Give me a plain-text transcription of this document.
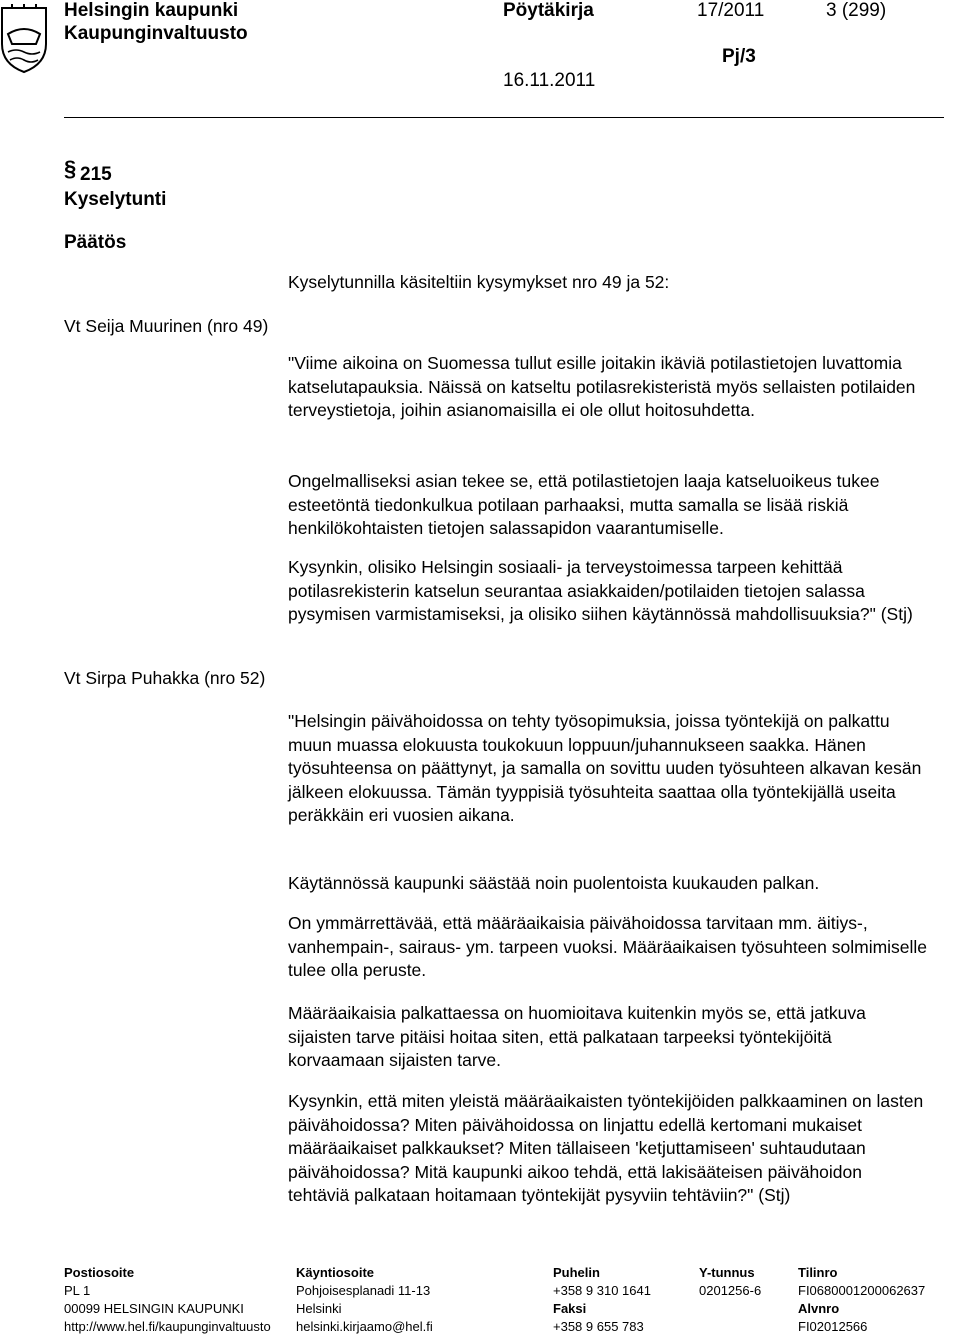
Helsingin kaupunki
Kaupunginvaltuusto
Pöytäkirja	17/2011	3 (299)
Pj/3
16.11.2011
§ 215
Kyselytunti
Päätös
Kyselytunnilla käsiteltiin kysymykset nro 49 ja 52:
Vt Seija Muurinen (nro 49)
Vt Sirpa Puhakka (nro 52)

"Viime aikoina on Suomessa tullut esille joitakin ikäviä potilastietojen luvattomia katselutapauksia. Näissä on katseltu potilasrekisteristä myös sellaisten potilaiden terveystietoja, joihin asianomaisilla ei ole ollut hoitosuhdetta.

Ongelmalliseksi asian tekee se, että potilastietojen laaja katseluoikeus tukee esteetöntä tiedonkulkua potilaan parhaaksi, mutta samalla se lisää riskiä henkilökohtaisten tietojen salassapidon vaarantumiselle.

Kysynkin, olisiko Helsingin sosiaali- ja terveystoimessa tarpeen kehittää potilasrekisterin katselun seurantaa asiakkaiden/potilaiden tietojen salassa pysymisen varmistamiseksi, ja olisiko siihen käytännössä mahdollisuuksia?" (Stj)

"Helsingin päivähoidossa on tehty työsopimuksia, joissa työntekijä on palkattu muun muassa elokuusta toukokuun loppuun/juhannukseen saakka. Hänen työsuhteensa on päättynyt, ja samalla on sovittu uuden työsuhteen alkavan kesän jälkeen elokuussa. Tämän tyyppisiä työsuhteita saattaa olla työntekijällä useita peräkkäin eri vuosien aikana.

Käytännössä kaupunki säästää noin puolentoista kuukauden palkan.

On ymmärrettävää, että määräaikaisia päivähoidossa tarvitaan mm. äitiys-, vanhempain-, sairaus- ym. tarpeen vuoksi. Määräaikaisen työsuhteen solmimiselle tulee olla peruste.

Määräaikaisia palkattaessa on huomioitava kuitenkin myös se, että jatkuva sijaisten tarve pitäisi hoitaa siten, että palkataan tarpeeksi työntekijöitä korvaamaan sijaisten tarve.

Kysynkin, että miten yleistä määräaikaisten työntekijöiden palkkaaminen on lasten päivähoidossa? Miten päivähoidossa on linjattu edellä kertomani mukaiset määräaikaiset palkkaukset? Miten tällaiseen 'ketjuttamiseen' suhtaudutaan päivähoidossa? Mitä kaupunki aikoo tehdä, että lakisääteisen päivähoidon tehtäviä palkataan hoitamaan työntekijät pysyviin tehtäviin?" (Stj)

Postiosoite
PL 1
00099 HELSINGIN KAUPUNKI
http://www.hel.fi/kaupunginvaltuusto
Käyntiosoite
Pohjoisesplanadi 11-13
Helsinki
helsinki.kirjaamo@hel.fi
Puhelin
+358 9 310 1641
Faksi
+358 9 655 783
Y-tunnus
0201256-6
Tilinro
FI0680001200062637
Alvnro
FI02012566
